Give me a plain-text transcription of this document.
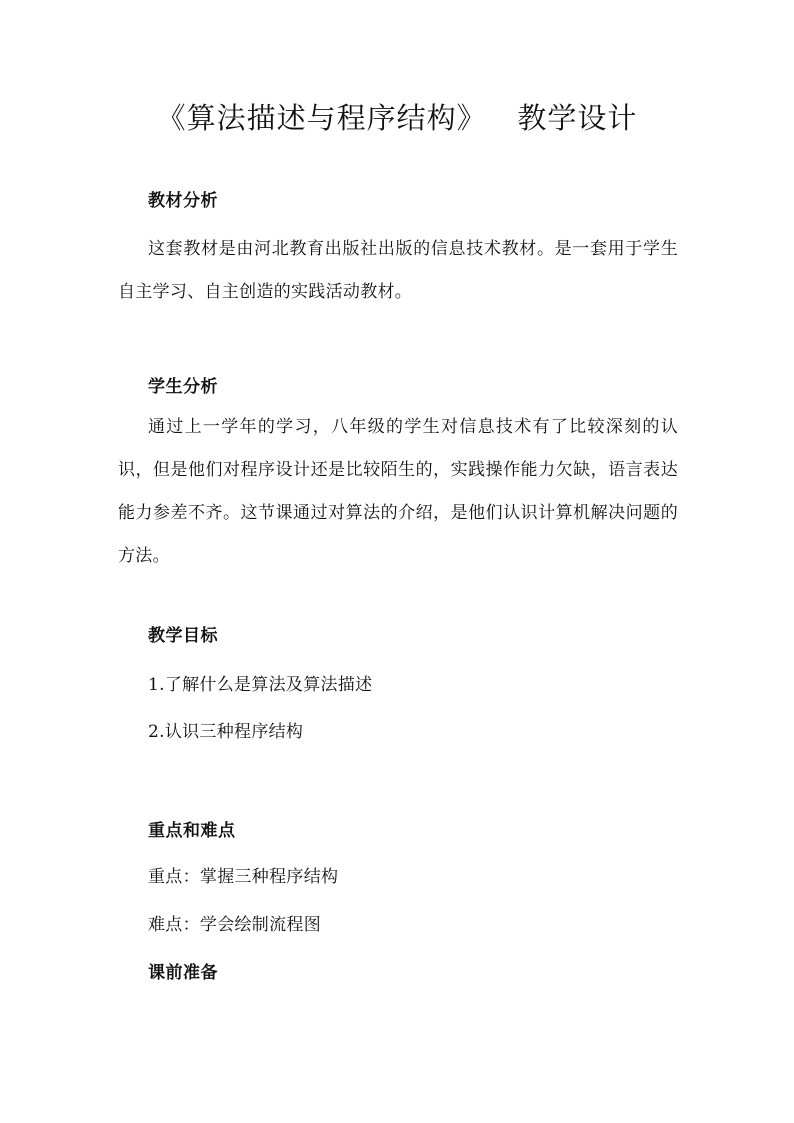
《算法描述与程序结构》   教学设计
教材分析
这套教材是由河北教育出版社出版的信息技术教材。是一套用于学生自主学习、自主创造的实践活动教材。
学生分析
通过上一学年的学习，八年级的学生对信息技术有了比较深刻的认识，但是他们对程序设计还是比较陌生的，实践操作能力欠缺，语言表达能力参差不齐。这节课通过对算法的介绍，是他们认识计算机解决问题的方法。
教学目标
1.了解什么是算法及算法描述
2.认识三种程序结构
重点和难点
重点：掌握三种程序结构
难点：学会绘制流程图
课前准备
